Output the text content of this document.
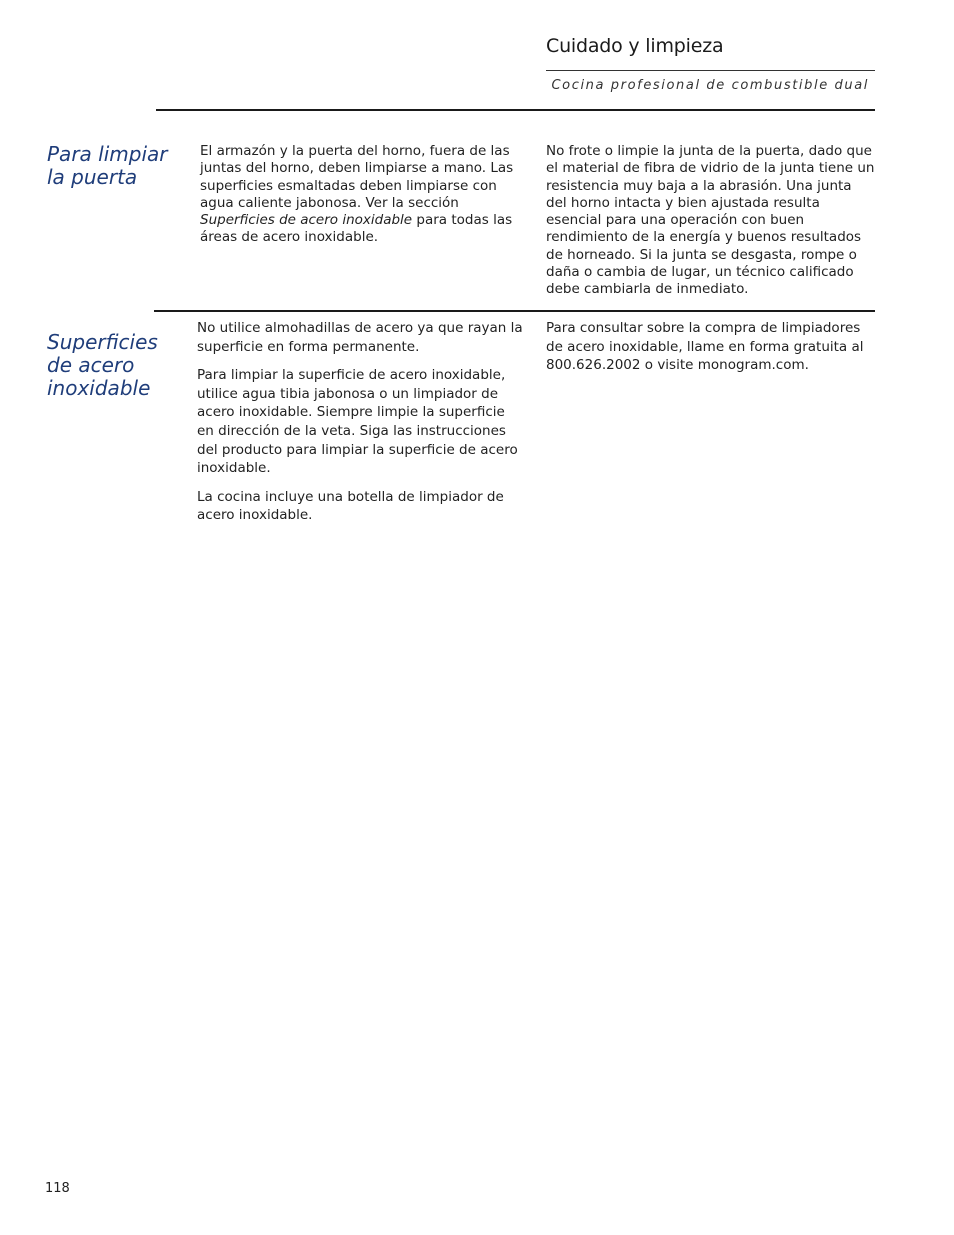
Cuidado y limpieza
Cocina profesional de combustible dual
Para limpiar la puerta

El armazón y la puerta del horno, fuera de las juntas del horno, deben limpiarse a mano. Las superficies esmaltadas deben limpiarse con agua caliente jabonosa. Ver la sección Superficies de acero inoxidable para todas las áreas de acero inoxidable.

No frote o limpie la junta de la puerta, dado que el material de fibra de vidrio de la junta tiene un resistencia muy baja a la abrasión. Una junta del horno intacta y bien ajustada resulta esencial para una operación con buen rendimiento de la energía y buenos resultados de horneado. Si la junta se desgasta, rompe o daña o cambia de lugar, un técnico calificado debe cambiarla de inmediato.

Superficies de acero inoxidable

No utilice almohadillas de acero ya que rayan la superficie en forma permanente.

Para limpiar la superficie de acero inoxidable, utilice agua tibia jabonosa o un limpiador de acero inoxidable. Siempre limpie la superficie en dirección de la veta. Siga las instrucciones del producto para limpiar la superficie de acero inoxidable.

La cocina incluye una botella de limpiador de acero inoxidable.

Para consultar sobre la compra de limpiadores de acero inoxidable, llame en forma gratuita al 800.626.2002 o visite monogram.com.

118
